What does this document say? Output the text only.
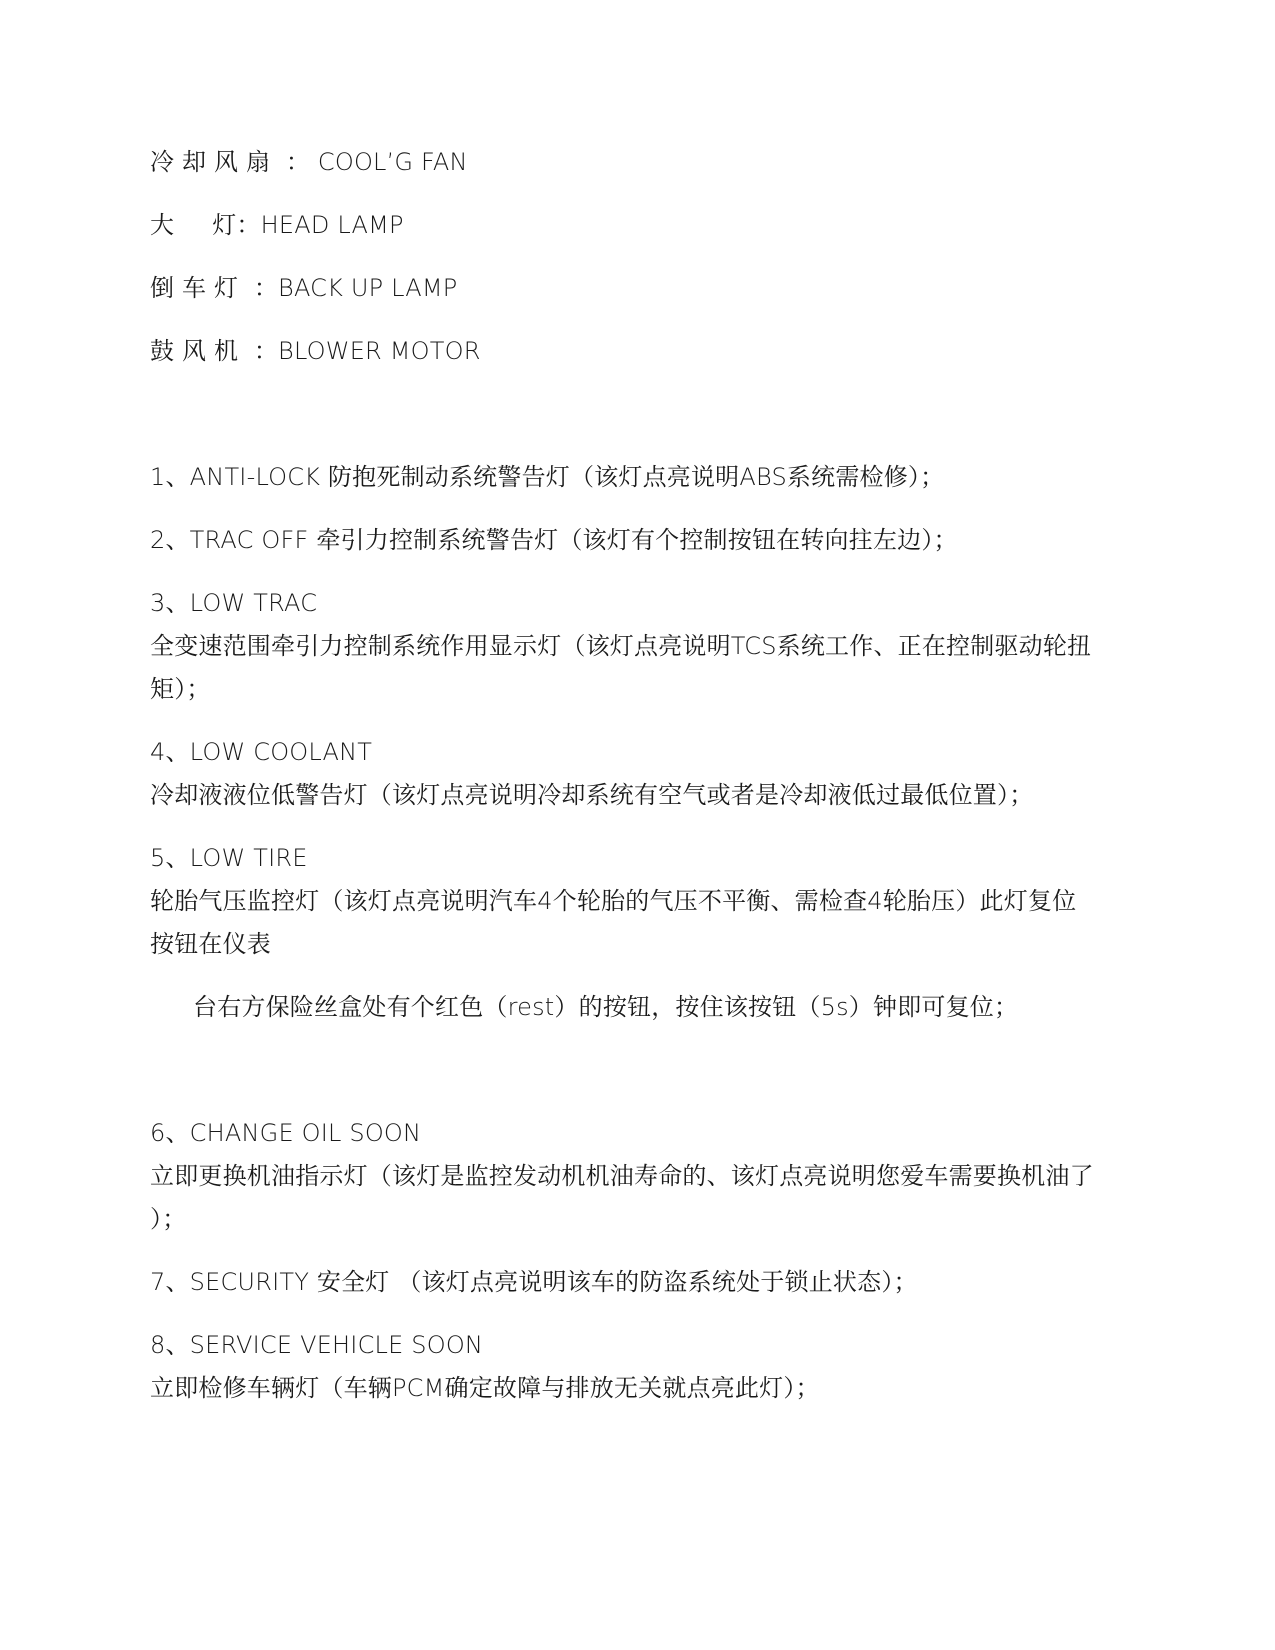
冷却风扇 ： COOL’G FAN
大 灯：HEAD LAMP
倒车灯 ：BACK UP LAMP
鼓风机 ：BLOWER MOTOR
1、ANTI-LOCK 防抱死制动系统警告灯（该灯点亮说明ABS系统需检修）；
2、TRAC OFF 牵引力控制系统警告灯（该灯有个控制按钮在转向拄左边）；
3、LOW TRAC
全变速范围牵引力控制系统作用显示灯（该灯点亮说明TCS系统工作、正在控制驱动轮扭
矩）；
4、LOW COOLANT
冷却液液位低警告灯（该灯点亮说明冷却系统有空气或者是冷却液低过最低位置）；
5、LOW TIRE
轮胎气压监控灯（该灯点亮说明汽车4个轮胎的气压不平衡、需检查4轮胎压）此灯复位
按钮在仪表
台右方保险丝盒处有个红色（rest）的按钮，按住该按钮（5s）钟即可复位；
6、CHANGE OIL SOON
立即更换机油指示灯（该灯是监控发动机机油寿命的、该灯点亮说明您爱车需要换机油了
）；
7、SECURITY 安全灯 （该灯点亮说明该车的防盗系统处于锁止状态）；
8、SERVICE VEHICLE SOON
立即检修车辆灯（车辆PCM确定故障与排放无关就点亮此灯）；
